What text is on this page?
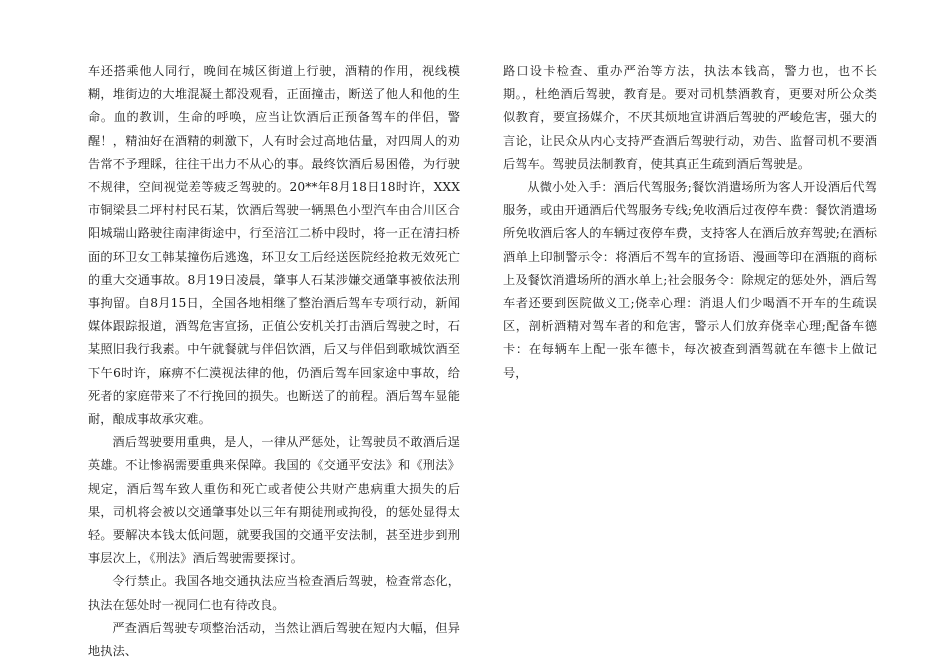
车还搭乘他人同行，晚间在城区街道上行驶，酒精的作用，视线模糊，堆街边的大堆混凝土都没观看，正面撞击，断送了他人和他的生命。血的教训，生命的呼唤，应当让饮酒后正预备驾车的伴侣，警醒！，精油好在酒精的刺激下，人有时会过高地估量，对四周人的劝告常不予理睬，往往干出力不从心的事。最终饮酒后易困倦，为行驶不规律，空间视觉差等疲乏驾驶的。20**年8月18日18时许，XXX市铜梁县二坪村村民石某，饮酒后驾驶一辆黑色小型汽车由合川区合阳城瑞山路驶往南津街途中，行至涪江二桥中段时，将一正在清扫桥面的环卫女工韩某撞伤后逃逸，环卫女工后经送医院经抢救无效死亡的重大交通事故。8月19日凌晨，肇事人石某涉嫌交通肇事被依法刑事拘留。自8月15日，全国各地相继了整治酒后驾车专项行动，新闻媒体跟踪报道，酒驾危害宣扬，正值公安机关打击酒后驾驶之时，石某照旧我行我素。中午就餐就与伴侣饮酒，后又与伴侣到歌城饮酒至下午6时许，麻痹不仁漠视法律的他，仍酒后驾车回家途中事故，给死者的家庭带来了不行挽回的损失。也断送了的前程。酒后驾车显能耐，酿成事故承灾难。

酒后驾驶要用重典，是人，一律从严惩处，让驾驶员不敢酒后逞英雄。不让惨祸需要重典来保障。我国的《交通平安法》和《刑法》规定，酒后驾车致人重伤和死亡或者使公共财产患病重大损失的后果，司机将会被以交通肇事处以三年有期徒刑或拘役，的惩处显得太轻。要解决本钱太低问题，就要我国的交通平安法制，甚至进步到刑事层次上，《刑法》酒后驾驶需要探讨。

令行禁止。我国各地交通执法应当检查酒后驾驶，检查常态化，执法在惩处时一视同仁也有待改良。

严查酒后驾驶专项整治活动，当然让酒后驾驶在短内大幅，但异地执法、

路口设卡检查、重办严治等方法，执法本钱高，警力也，也不长期。，杜绝酒后驾驶，教育是。要对司机禁酒教育，更要对所公众类似教育，要宣扬媒介，不厌其烦地宣讲酒后驾驶的严峻危害，强大的言论，让民众从内心支持严查酒后驾驶行动，劝告、监督司机不要酒后驾车。驾驶员法制教育，使其真正生疏到酒后驾驶是。

从微小处入手：酒后代驾服务;餐饮消遣场所为客人开设酒后代驾服务，或由开通酒后代驾服务专线;免收酒后过夜停车费：餐饮消遣场所免收酒后客人的车辆过夜停车费，支持客人在酒后放弃驾驶;在酒标酒单上印制警示令：将酒后不驾车的宣扬语、漫画等印在酒瓶的商标上及餐饮消遣场所的酒水单上;社会服务令：除规定的惩处外，酒后驾车者还要到医院做义工;侥幸心理：消退人们少喝酒不开车的生疏误区，剖析酒精对驾车者的和危害，警示人们放弃侥幸心理;配备车德卡：在每辆车上配一张车德卡，每次被查到酒驾就在车德卡上做记号，
